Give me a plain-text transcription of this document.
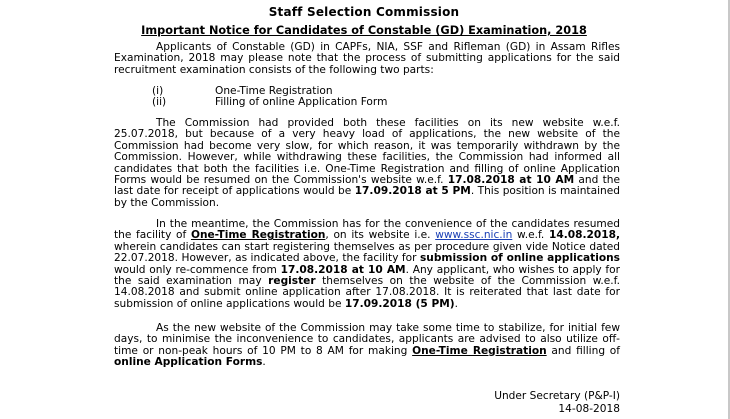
Staff Selection Commission
Important Notice for Candidates of Constable (GD) Examination, 2018
Applicants of Constable (GD) in CAPFs, NIA, SSF and Rifleman (GD) in Assam Rifles Examination, 2018 may please note that the process of submitting applications for the said recruitment examination consists of the following two parts:
(i)	One-Time Registration
(ii)	Filling of online Application Form
The Commission had provided both these facilities on its new website w.e.f. 25.07.2018, but because of a very heavy load of applications, the new website of the Commission had become very slow, for which reason, it was temporarily withdrawn by the Commission. However, while withdrawing these facilities, the Commission had informed all candidates that both the facilities i.e. One-Time Registration and filling of online Application Forms would be resumed on the Commission's website w.e.f. 17.08.2018 at 10 AM and the last date for receipt of applications would be 17.09.2018 at 5 PM. This position is maintained by the Commission.
In the meantime, the Commission has for the convenience of the candidates resumed the facility of One-Time Registration, on its website i.e. www.ssc.nic.in w.e.f. 14.08.2018, wherein candidates can start registering themselves as per procedure given vide Notice dated 22.07.2018. However, as indicated above, the facility for submission of online applications would only re-commence from 17.08.2018 at 10 AM. Any applicant, who wishes to apply for the said examination may register themselves on the website of the Commission w.e.f. 14.08.2018 and submit online application after 17.08.2018. It is reiterated that last date for submission of online applications would be 17.09.2018 (5 PM).
As the new website of the Commission may take some time to stabilize, for initial few days, to minimise the inconvenience to candidates, applicants are advised to also utilize off-time or non-peak hours of 10 PM to 8 AM for making One-Time Registration and filling of online Application Forms.
Under Secretary (P&P-I)
14-08-2018
